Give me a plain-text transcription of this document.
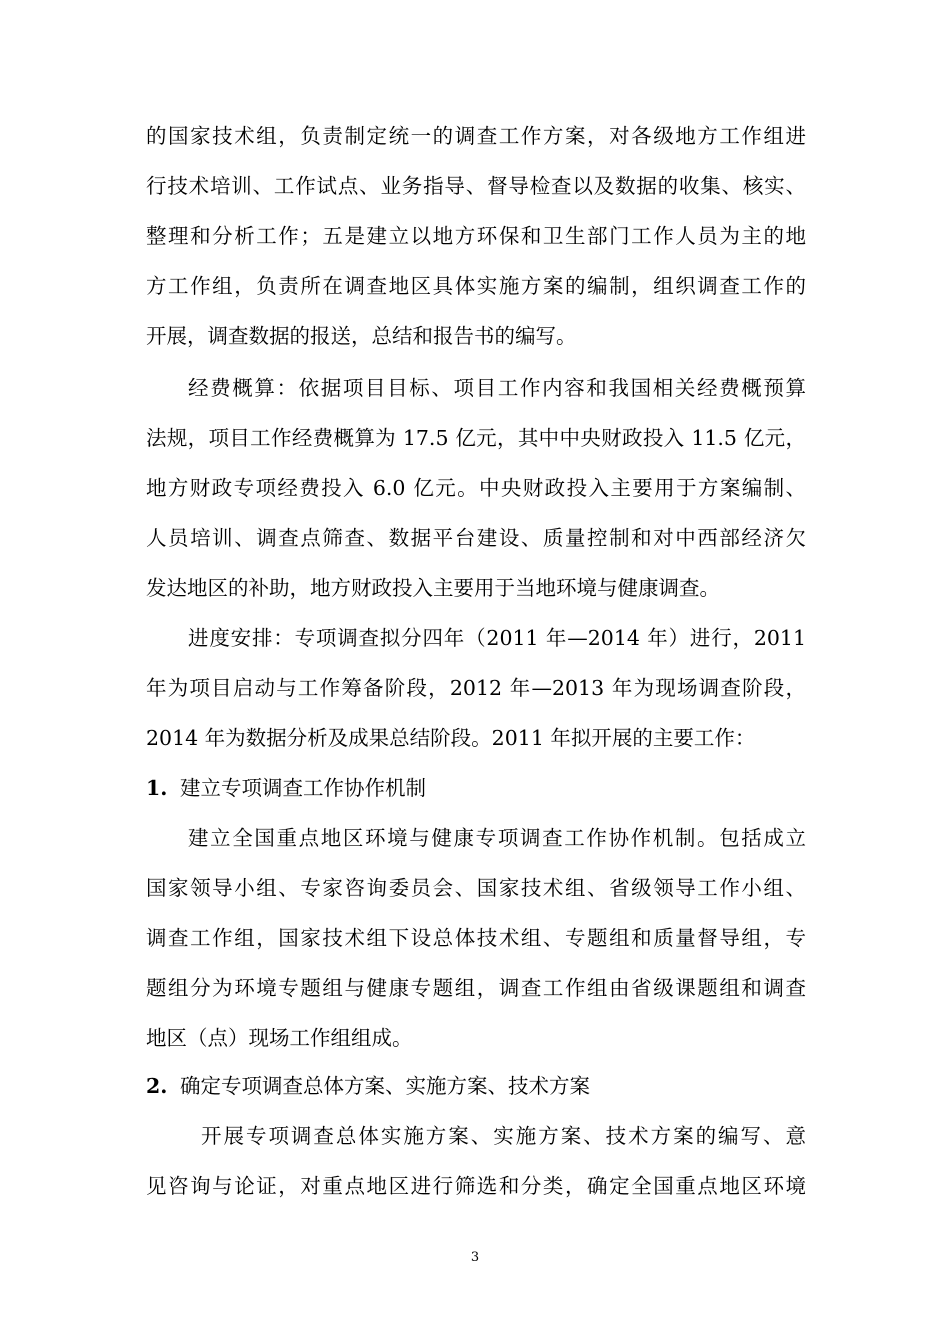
的国家技术组，负责制定统一的调查工作方案，对各级地方工作组进
行技术培训、工作试点、业务指导、督导检查以及数据的收集、核实、
整理和分析工作；五是建立以地方环保和卫生部门工作人员为主的地
方工作组，负责所在调查地区具体实施方案的编制，组织调查工作的
开展，调查数据的报送，总结和报告书的编写。
经费概算：依据项目目标、项目工作内容和我国相关经费概预算
法规，项目工作经费概算为 17.5 亿元，其中中央财政投入 11.5 亿元，
地方财政专项经费投入 6.0 亿元。中央财政投入主要用于方案编制、
人员培训、调查点筛查、数据平台建设、质量控制和对中西部经济欠
发达地区的补助，地方财政投入主要用于当地环境与健康调查。
进度安排：专项调查拟分四年（2011 年—2014 年）进行，2011
年为项目启动与工作筹备阶段，2012 年—2013 年为现场调查阶段，
2014 年为数据分析及成果总结阶段。2011 年拟开展的主要工作：
1. 建立专项调查工作协作机制
建立全国重点地区环境与健康专项调查工作协作机制。包括成立
国家领导小组、专家咨询委员会、国家技术组、省级领导工作小组、
调查工作组，国家技术组下设总体技术组、专题组和质量督导组，专
题组分为环境专题组与健康专题组，调查工作组由省级课题组和调查
地区（点）现场工作组组成。
2. 确定专项调查总体方案、实施方案、技术方案
开展专项调查总体实施方案、实施方案、技术方案的编写、意
见咨询与论证，对重点地区进行筛选和分类，确定全国重点地区环境
3
